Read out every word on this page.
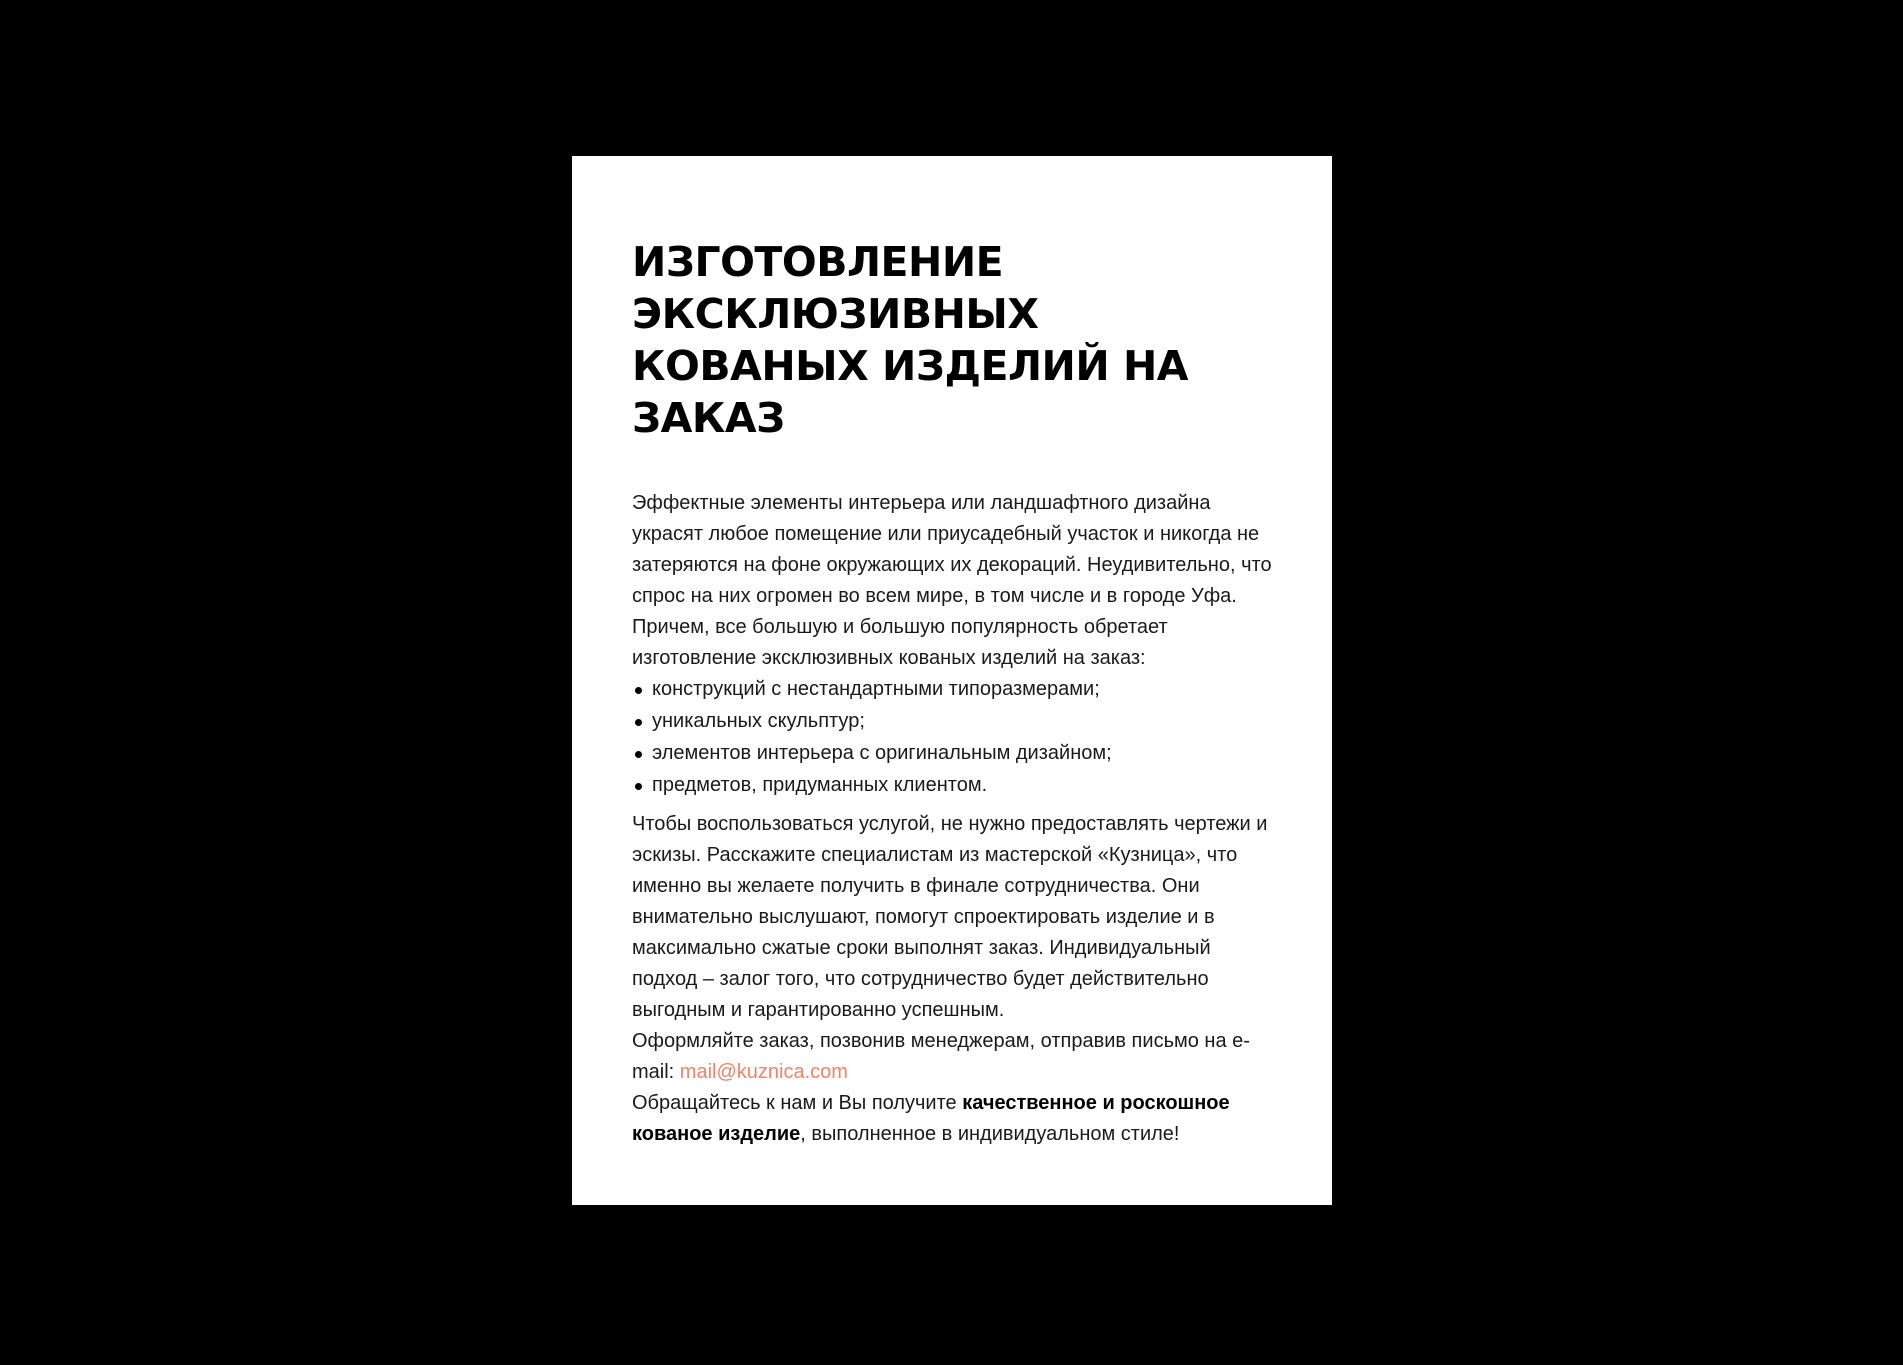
ИЗГОТОВЛЕНИЕ ЭКСКЛЮЗИВНЫХ КОВАНЫХ ИЗДЕЛИЙ НА ЗАКАЗ

Эффектные элементы интерьера или ландшафтного дизайна украсят любое помещение или приусадебный участок и никогда не затеряются на фоне окружающих их декораций. Неудивительно, что спрос на них огромен во всем мире, в том числе и в городе Уфа. Причем, все большую и большую популярность обретает изготовление эксклюзивных кованых изделий на заказ:

конструкций с нестандартными типоразмерами;
уникальных скульптур;
элементов интерьера с оригинальным дизайном;
предметов, придуманных клиентом.

Чтобы воспользоваться услугой, не нужно предоставлять чертежи и эскизы. Расскажите специалистам из мастерской «Кузница», что именно вы желаете получить в финале сотрудничества. Они внимательно выслушают, помогут спроектировать изделие и в максимально сжатые сроки выполнят заказ. Индивидуальный подход – залог того, что сотрудничество будет действительно выгодным и гарантированно успешным.

Оформляйте заказ, позвонив менеджерам, отправив письмо на e-mail: mail@kuznica.com

Обращайтесь к нам и Вы получите качественное и роскошное кованое изделие, выполненное в индивидуальном стиле!
